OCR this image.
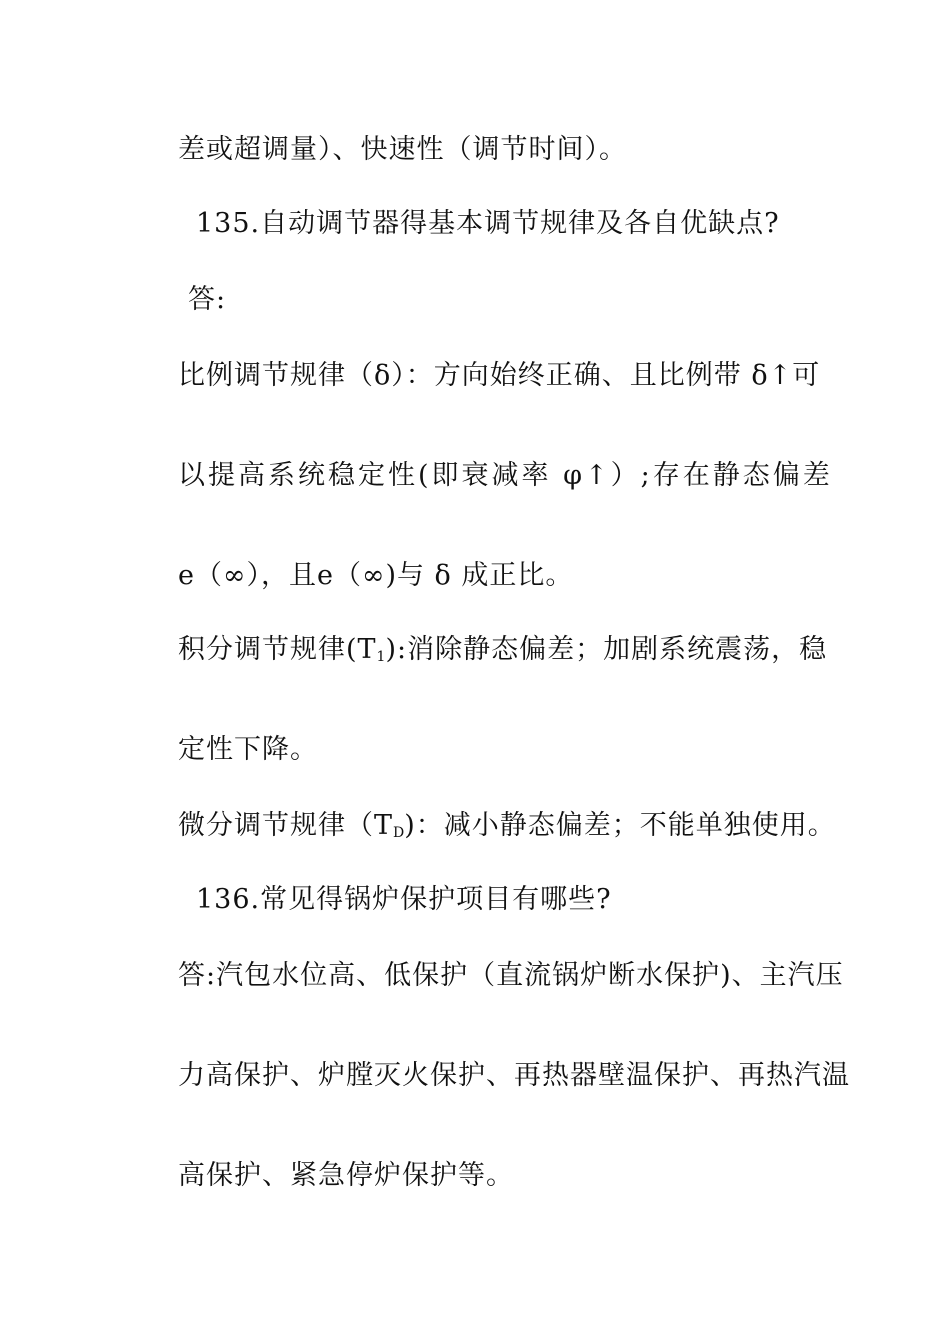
差或超调量）、快速性（调节时间）。
135.自动调节器得基本调节规律及各自优缺点?
答:
比例调节规律（δ）：方向始终正确、且比例带 δ↑可
以提高系统稳定性(即衰减率 φ↑）;存在静态偏差
e（∞），且e（∞)与 δ 成正比。
积分调节规律$(T_1)$:消除静态偏差；加剧系统震荡，稳
定性下降。
微分调节规律$(T_D)$：减小静态偏差；不能单独使用。
136.常见得锅炉保护项目有哪些?
答:汽包水位高、低保护（直流锅炉断水保护)、主汽压
力高保护、炉膛灭火保护、再热器壁温保护、再热汽温
高保护、紧急停炉保护等。
